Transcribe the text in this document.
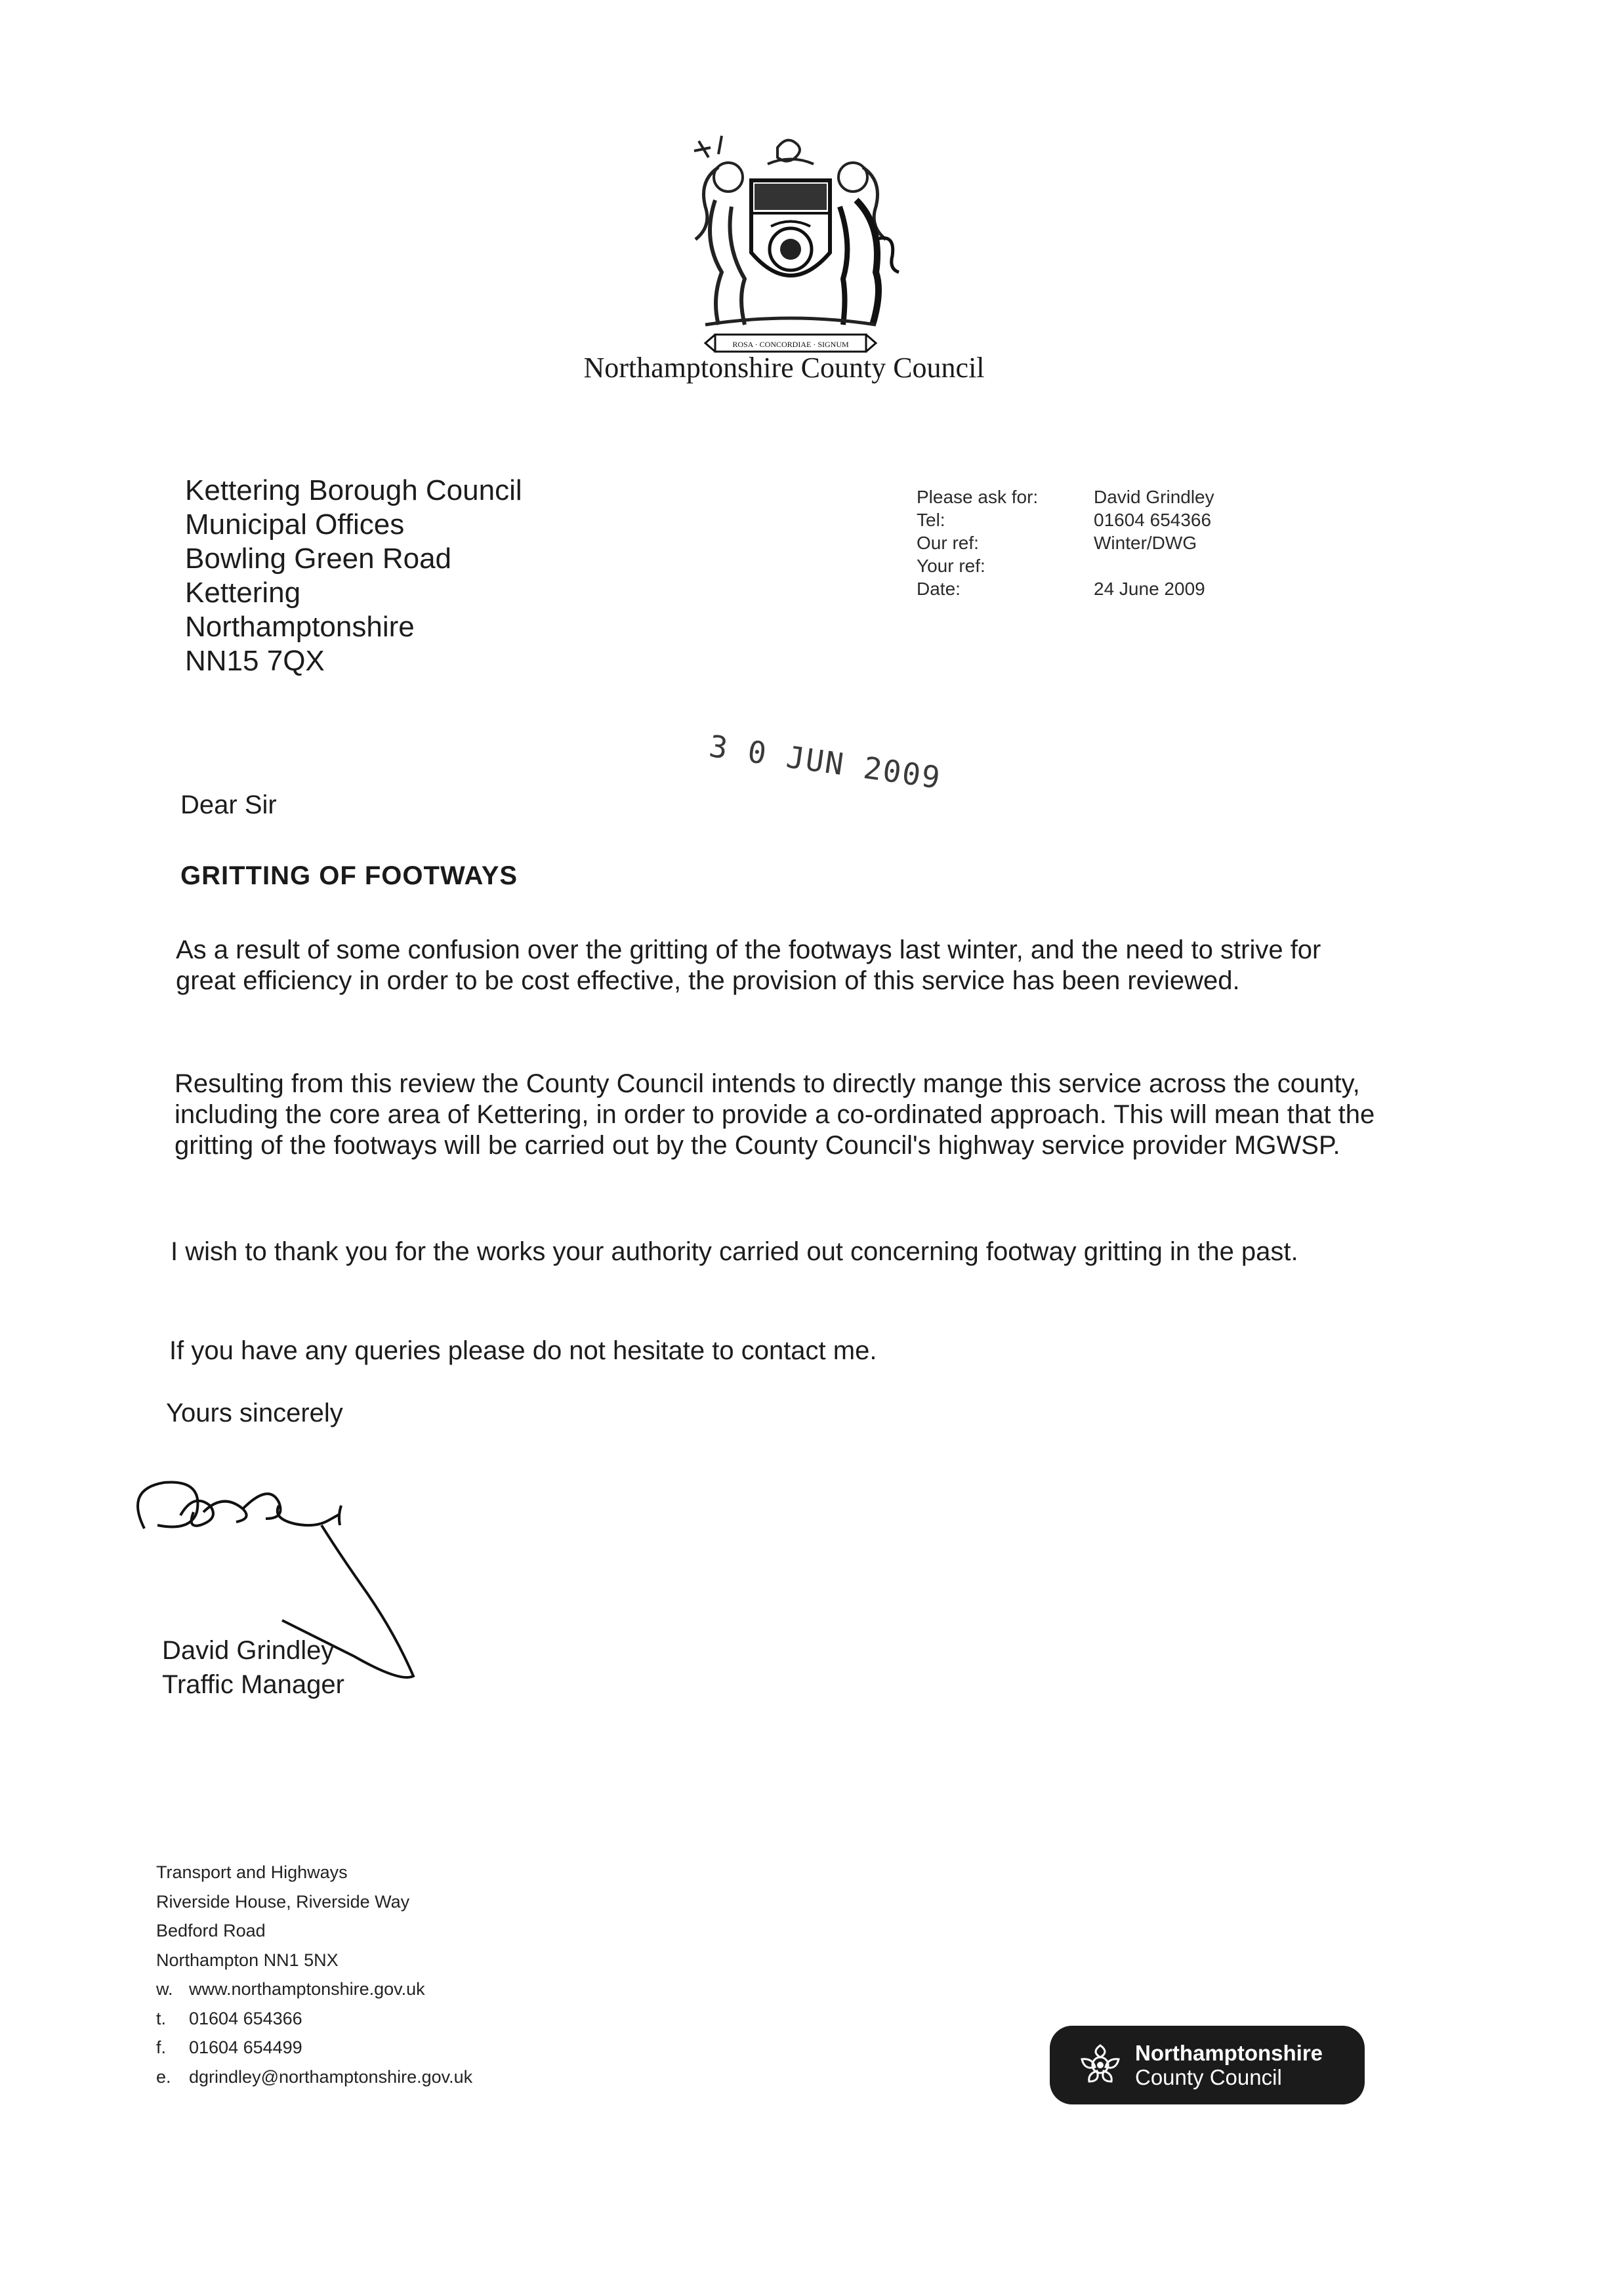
ROSA · CONCORDIAE · SIGNUM
Northamptonshire County Council
Kettering Borough Council
Municipal Offices
Bowling Green Road
Kettering
Northamptonshire
NN15 7QX
Please ask for:	David Grindley
Tel:	01604 654366
Our ref:	Winter/DWG
Your ref:
Date:	24 June 2009
3 0 JUN 2009
Dear Sir
GRITTING OF FOOTWAYS
As a result of some confusion over the gritting of the footways last winter, and the need to strive for great efficiency in order to be cost effective, the provision of this service has been reviewed.
Resulting from this review the County Council intends to directly mange this service across the county, including the core area of Kettering, in order to provide a co-ordinated approach. This will mean that the gritting of the footways will be carried out by the County Council's highway service provider MGWSP.
I wish to thank you for the works your authority carried out concerning footway gritting in the past.
If you have any queries please do not hesitate to contact me.
Yours sincerely
David Grindley
Traffic Manager
Transport and Highways
Riverside House, Riverside Way
Bedford Road
Northampton NN1 5NX
w. www.northamptonshire.gov.uk
t. 01604 654366
f. 01604 654499
e. dgrindley@northamptonshire.gov.uk
Northamptonshire
County Council
